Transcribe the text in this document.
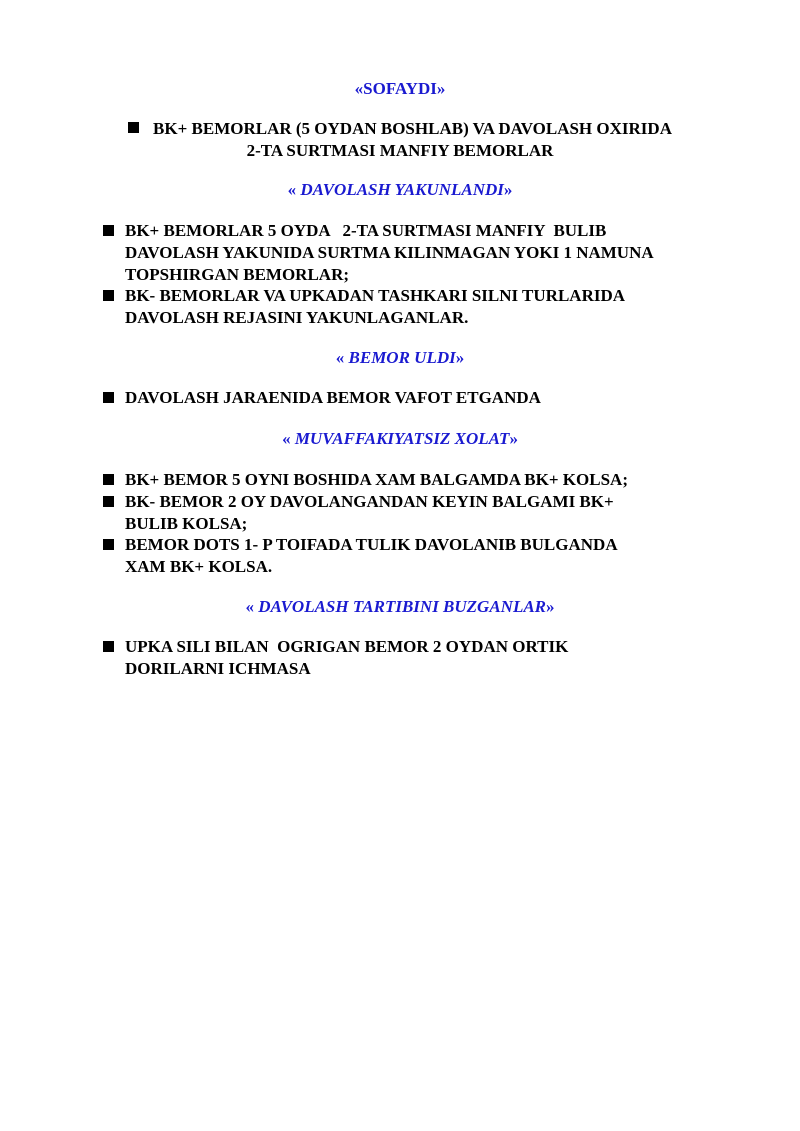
«SOFAYDI»
BK+ BEMORLAR (5 OYDAN BOSHLAB) VA DAVOLASH OXIRIDA
2-TA SURTMASI MANFIY BEMORLAR
« DAVOLASH YAKUNLANDI»
BK+ BEMORLAR 5 OYDA   2-TA SURTMASI MANFIY  BULIB
DAVOLASH YAKUNIDA SURTMA KILINMAGAN YOKI 1 NAMUNA
TOPSHIRGAN BEMORLAR;
BK- BEMORLAR VA UPKADAN TASHKARI SILNI TURLARIDA
DAVOLASH REJASINI YAKUNLAGANLAR.
« BEMOR ULDI»
DAVOLASH JARAENIDA BEMOR VAFOT ETGANDA
« MUVAFFAKIYATSIZ XOLAT»
BK+ BEMOR 5 OYNI BOSHIDA XAM BALGAMDA BK+ KOLSA;
BK- BEMOR 2 OY DAVOLANGANDAN KEYIN BALGAMI BK+
BULIB KOLSA;
BEMOR DOTS 1- P TOIFADA TULIK DAVOLANIB BULGANDA
XAM BK+ KOLSA.
« DAVOLASH TARTIBINI BUZGANLAR»
UPKA SILI BILAN  OGRIGAN BEMOR 2 OYDAN ORTIK
DORILARNI ICHMASA
